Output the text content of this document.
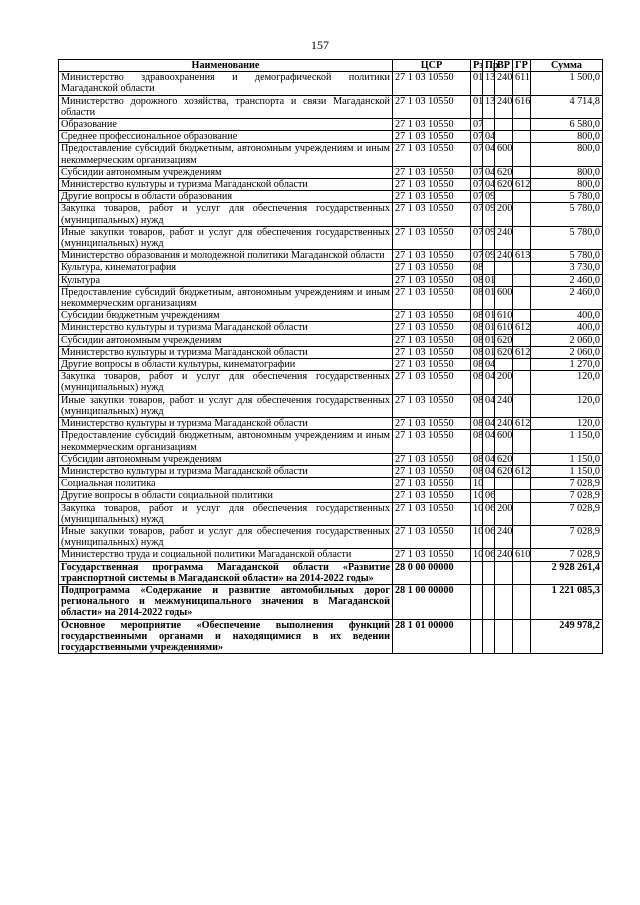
157
Наименование	ЦСР	Рз	Пр	ВР	ГР	Сумма
Министерство здравоохранения и демографической политики Магаданской области	27 1 03 10550	01	13	240	611	1 500,0
Министерство дорожного хозяйства, транспорта и связи Магаданской области	27 1 03 10550	01	13	240	616	4 714,8
Образование	27 1 03 10550	07				6 580,0
Среднее профессиональное образование	27 1 03 10550	07	04			800,0
Предоставление субсидий бюджетным, автономным учреждениям и иным некоммерческим организациям	27 1 03 10550	07	04	600		800,0
Субсидии автономным учреждениям	27 1 03 10550	07	04	620		800,0
Министерство культуры и туризма Магаданской области	27 1 03 10550	07	04	620	612	800,0
Другие вопросы в области образования	27 1 03 10550	07	09			5 780,0
Закупка товаров, работ и услуг для обеспечения государственных (муниципальных) нужд	27 1 03 10550	07	09	200		5 780,0
Иные закупки товаров, работ и услуг для обеспечения государственных (муниципальных) нужд	27 1 03 10550	07	09	240		5 780,0
Министерство образования и молодежной политики Магаданской области	27 1 03 10550	07	09	240	613	5 780,0
Культура, кинематография	27 1 03 10550	08				3 730,0
Культура	27 1 03 10550	08	01			2 460,0
Предоставление субсидий бюджетным, автономным учреждениям и иным некоммерческим организациям	27 1 03 10550	08	01	600		2 460,0
Субсидии бюджетным учреждениям	27 1 03 10550	08	01	610		400,0
Министерство культуры и туризма Магаданской области	27 1 03 10550	08	01	610	612	400,0
Субсидии автономным учреждениям	27 1 03 10550	08	01	620		2 060,0
Министерство культуры и туризма Магаданской области	27 1 03 10550	08	01	620	612	2 060,0
Другие вопросы в области культуры, кинематографии	27 1 03 10550	08	04			1 270,0
Закупка товаров, работ и услуг для обеспечения государственных (муниципальных) нужд	27 1 03 10550	08	04	200		120,0
Иные закупки товаров, работ и услуг для обеспечения государственных (муниципальных) нужд	27 1 03 10550	08	04	240		120,0
Министерство культуры и туризма Магаданской области	27 1 03 10550	08	04	240	612	120,0
Предоставление субсидий бюджетным, автономным учреждениям и иным некоммерческим организациям	27 1 03 10550	08	04	600		1 150,0
Субсидии автономным учреждениям	27 1 03 10550	08	04	620		1 150,0
Министерство культуры и туризма Магаданской области	27 1 03 10550	08	04	620	612	1 150,0
Социальная политика	27 1 03 10550	10				7 028,9
Другие вопросы в области социальной политики	27 1 03 10550	10	06			7 028,9
Закупка товаров, работ и услуг для обеспечения государственных (муниципальных) нужд	27 1 03 10550	10	06	200		7 028,9
Иные закупки товаров, работ и услуг для обеспечения государственных (муниципальных) нужд	27 1 03 10550	10	06	240		7 028,9
Министерство труда и социальной политики Магаданской области	27 1 03 10550	10	06	240	610	7 028,9
Государственная программа Магаданской области «Развитие транспортной системы в Магаданской области» на 2014-2022 годы»	28 0 00 00000					2 928 261,4
Подпрограмма «Содержание и развитие автомобильных дорог регионального и межмуниципального значения в Магаданской области» на 2014-2022 годы»	28 1 00 00000					1 221 085,3
Основное мероприятие «Обеспечение выполнения функций государственными органами и находящимися в их ведении государственными учреждениями»	28 1 01 00000					249 978,2
